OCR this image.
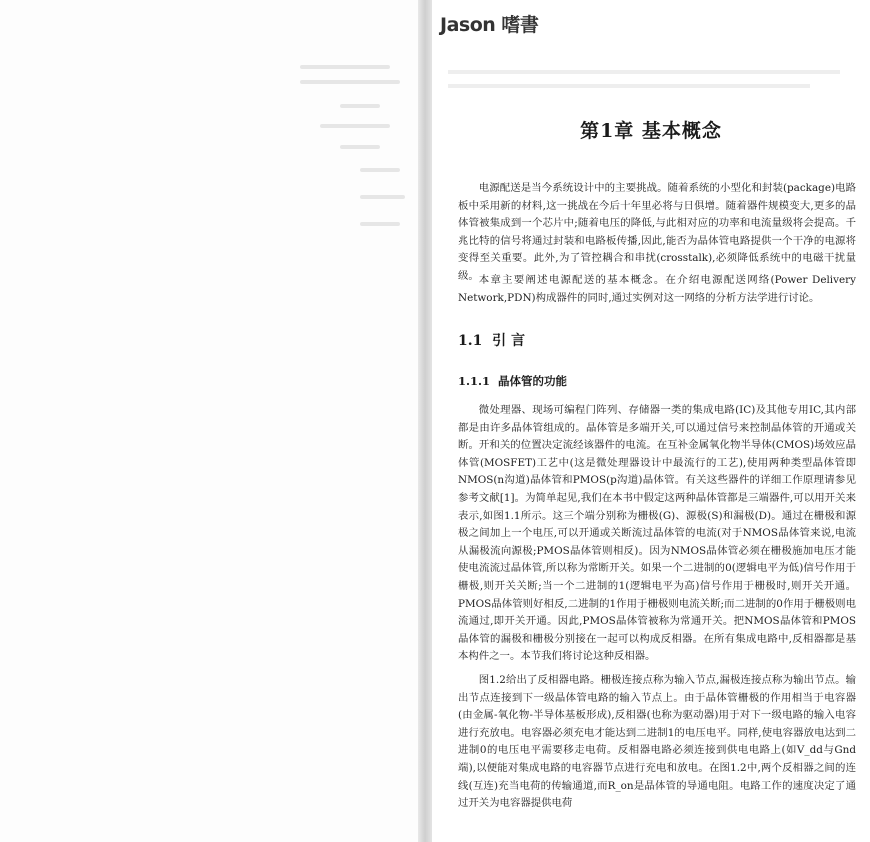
Jason 嗜書
第1章 基本概念

电源配送是当今系统设计中的主要挑战。随着系统的小型化和封装(package)电路板中采用新的材料,这一挑战在今后十年里必将与日俱增。随着器件规模变大,更多的晶体管被集成到一个芯片中;随着电压的降低,与此相对应的功率和电流量级将会提高。千兆比特的信号将通过封装和电路板传播,因此,能否为晶体管电路提供一个干净的电源将变得至关重要。此外,为了管控耦合和串扰(crosstalk),必须降低系统中的电磁干扰量级。 本章主要阐述电源配送的基本概念。在介绍电源配送网络(Power Delivery Network,PDN)构成器件的同时,通过实例对这一网络的分析方法学进行讨论。

1.1 引 言
1.1.1 晶体管的功能

微处理器、现场可编程门阵列、存储器一类的集成电路(IC)及其他专用IC,其内部都是由许多晶体管组成的。晶体管是多端开关,可以通过信号来控制晶体管的开通或关断。开和关的位置决定流经该器件的电流。在互补金属氧化物半导体(CMOS)场效应晶体管(MOSFET)工艺中(这是微处理器设计中最流行的工艺),使用两种类型晶体管即NMOS(n沟道)晶体管和PMOS(p沟道)晶体管。有关这些器件的详细工作原理请参见参考文献[1]。为简单起见,我们在本书中假定这两种晶体管都是三端器件,可以用开关来表示,如图1.1所示。这三个端分别称为栅极(G)、源极(S)和漏极(D)。通过在栅极和源极之间加上一个电压,可以开通或关断流过晶体管的电流(对于NMOS晶体管来说,电流从漏极流向源极;PMOS晶体管则相反)。因为NMOS晶体管必须在栅极施加电压才能使电流流过晶体管,所以称为常断开关。如果一个二进制的0(逻辑电平为低)信号作用于栅极,则开关关断;当一个二进制的1(逻辑电平为高)信号作用于栅极时,则开关开通。PMOS晶体管则好相反,二进制的1作用于栅极则电流关断;而二进制的0作用于栅极则电流通过,即开关开通。因此,PMOS晶体管被称为常通开关。把NMOS晶体管和PMOS晶体管的漏极和栅极分别接在一起可以构成反相器。在所有集成电路中,反相器都是基本构件之一。本节我们将讨论这种反相器。

图1.2给出了反相器电路。栅极连接点称为输入节点,漏极连接点称为输出节点。输出节点连接到下一级晶体管电路的输入节点上。由于晶体管栅极的作用相当于电容器(由金属-氧化物-半导体基板形成),反相器(也称为驱动器)用于对下一级电路的输入电容进行充放电。电容器必须充电才能达到二进制1的电压电平。同样,使电容器放电达到二进制0的电压电平需要移走电荷。反相器电路必须连接到供电电路上(如V_dd与Gnd端),以便能对集成电路的电容器节点进行充电和放电。在图1.2中,两个反相器之间的连线(互连)充当电荷的传输通道,而R_on是晶体管的导通电阻。电路工作的速度决定了通过开关为电容器提供电荷
